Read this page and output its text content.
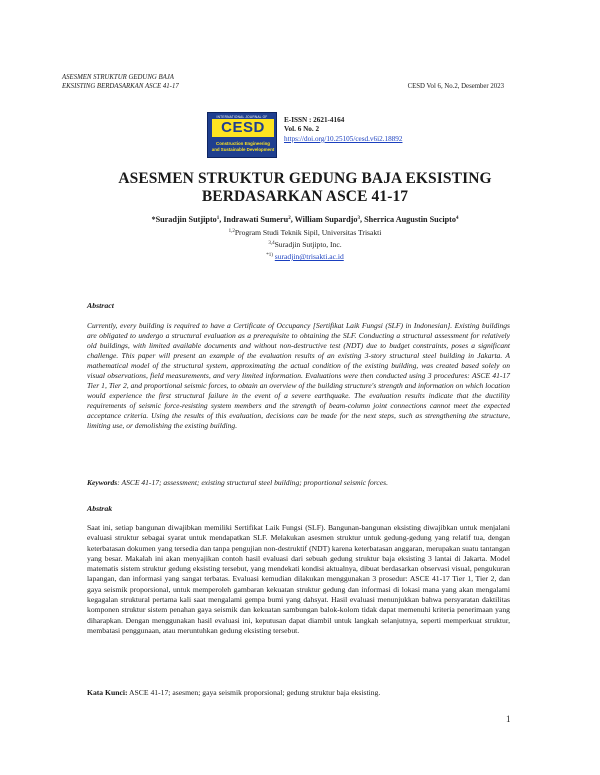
ASESMEN STRUKTUR GEDUNG BAJA
EKSISTING BERDASARKAN ASCE 41-17	CESD Vol 6, No.2, Desember 2023
INTERNATIONAL JOURNAL OF
CESD
Construction Engineering
and Sustainable Development
E-ISSN : 2621-4164
Vol. 6 No. 2
https://doi.org/10.25105/cesd.v6i2.18892
ASESMEN STRUKTUR GEDUNG BAJA EKSISTING
BERDASARKAN ASCE 41-17
*Suradjin Sutjipto$^1$, Indrawati Sumeru$^2$, William Supardjo$^3$, Sherrica Augustin Sucipto$^4$
$^{1,2}$Program Studi Teknik Sipil, Universitas Trisakti
$^{3,4}$Suradjin Sutjipto, Inc.
$^{*1)}$ suradjin@trisakti.ac.id
Abstract
Currently, every building is required to have a Certificate of Occupancy [Sertifikat Laik Fungsi (SLF) in Indonesian]. Existing buildings are obligated to undergo a structural evaluation as a prerequisite to obtaining the SLF. Conducting a structural assessment for relatively old buildings, with limited available documents and without non-destructive test (NDT) due to budget constraints, poses a significant challenge. This paper will present an example of the evaluation results of an existing 3-story structural steel building in Jakarta. A mathematical model of the structural system, approximating the actual condition of the existing building, was created based solely on visual observations, field measurements, and very limited information. Evaluations were then conducted using 3 procedures: ASCE 41-17 Tier 1, Tier 2, and proportional seismic forces, to obtain an overview of the building structure's strength and information on which location would experience the first structural failure in the event of a severe earthquake. The evaluation results indicate that the ductility requirements of seismic force-resisting system members and the strength of beam-column joint connections cannot meet the expected acceptance criteria. Using the results of this evaluation, decisions can be made for the next steps, such as strengthening the structure, limiting use, or demolishing the existing building.
Keywords: ASCE 41-17; assessment; existing structural steel building; proportional seismic forces.
Abstrak
Saat ini, setiap bangunan diwajibkan memiliki Sertifikat Laik Fungsi (SLF). Bangunan-bangunan eksisting diwajibkan untuk menjalani evaluasi struktur sebagai syarat untuk mendapatkan SLF. Melakukan asesmen struktur untuk gedung-gedung yang relatif tua, dengan keterbatasan dokumen yang tersedia dan tanpa pengujian non-destruktif (NDT) karena keterbatasan anggaran, merupakan suatu tantangan yang besar. Makalah ini akan menyajikan contoh hasil evaluasi dari sebuah gedung struktur baja eksisting 3 lantai di Jakarta. Model matematis sistem struktur gedung eksisting tersebut, yang mendekati kondisi aktualnya, dibuat berdasarkan observasi visual, pengukuran lapangan, dan informasi yang sangat terbatas. Evaluasi kemudian dilakukan menggunakan 3 prosedur: ASCE 41-17 Tier 1, Tier 2, dan gaya seismik proporsional, untuk memperoleh gambaran kekuatan struktur gedung dan informasi di lokasi mana yang akan mengalami kegagalan struktural pertama kali saat mengalami gempa bumi yang dahsyat. Hasil evaluasi menunjukkan bahwa persyaratan daktilitas komponen struktur sistem penahan gaya seismik dan kekuatan sambungan balok-kolom tidak dapat memenuhi kriteria penerimaan yang diharapkan. Dengan menggunakan hasil evaluasi ini, keputusan dapat diambil untuk langkah selanjutnya, seperti memperkuat struktur, membatasi penggunaan, atau meruntuhkan gedung eksisting tersebut.
Kata Kunci: ASCE 41-17; asesmen; gaya seismik proporsional; gedung struktur baja eksisting.
1
